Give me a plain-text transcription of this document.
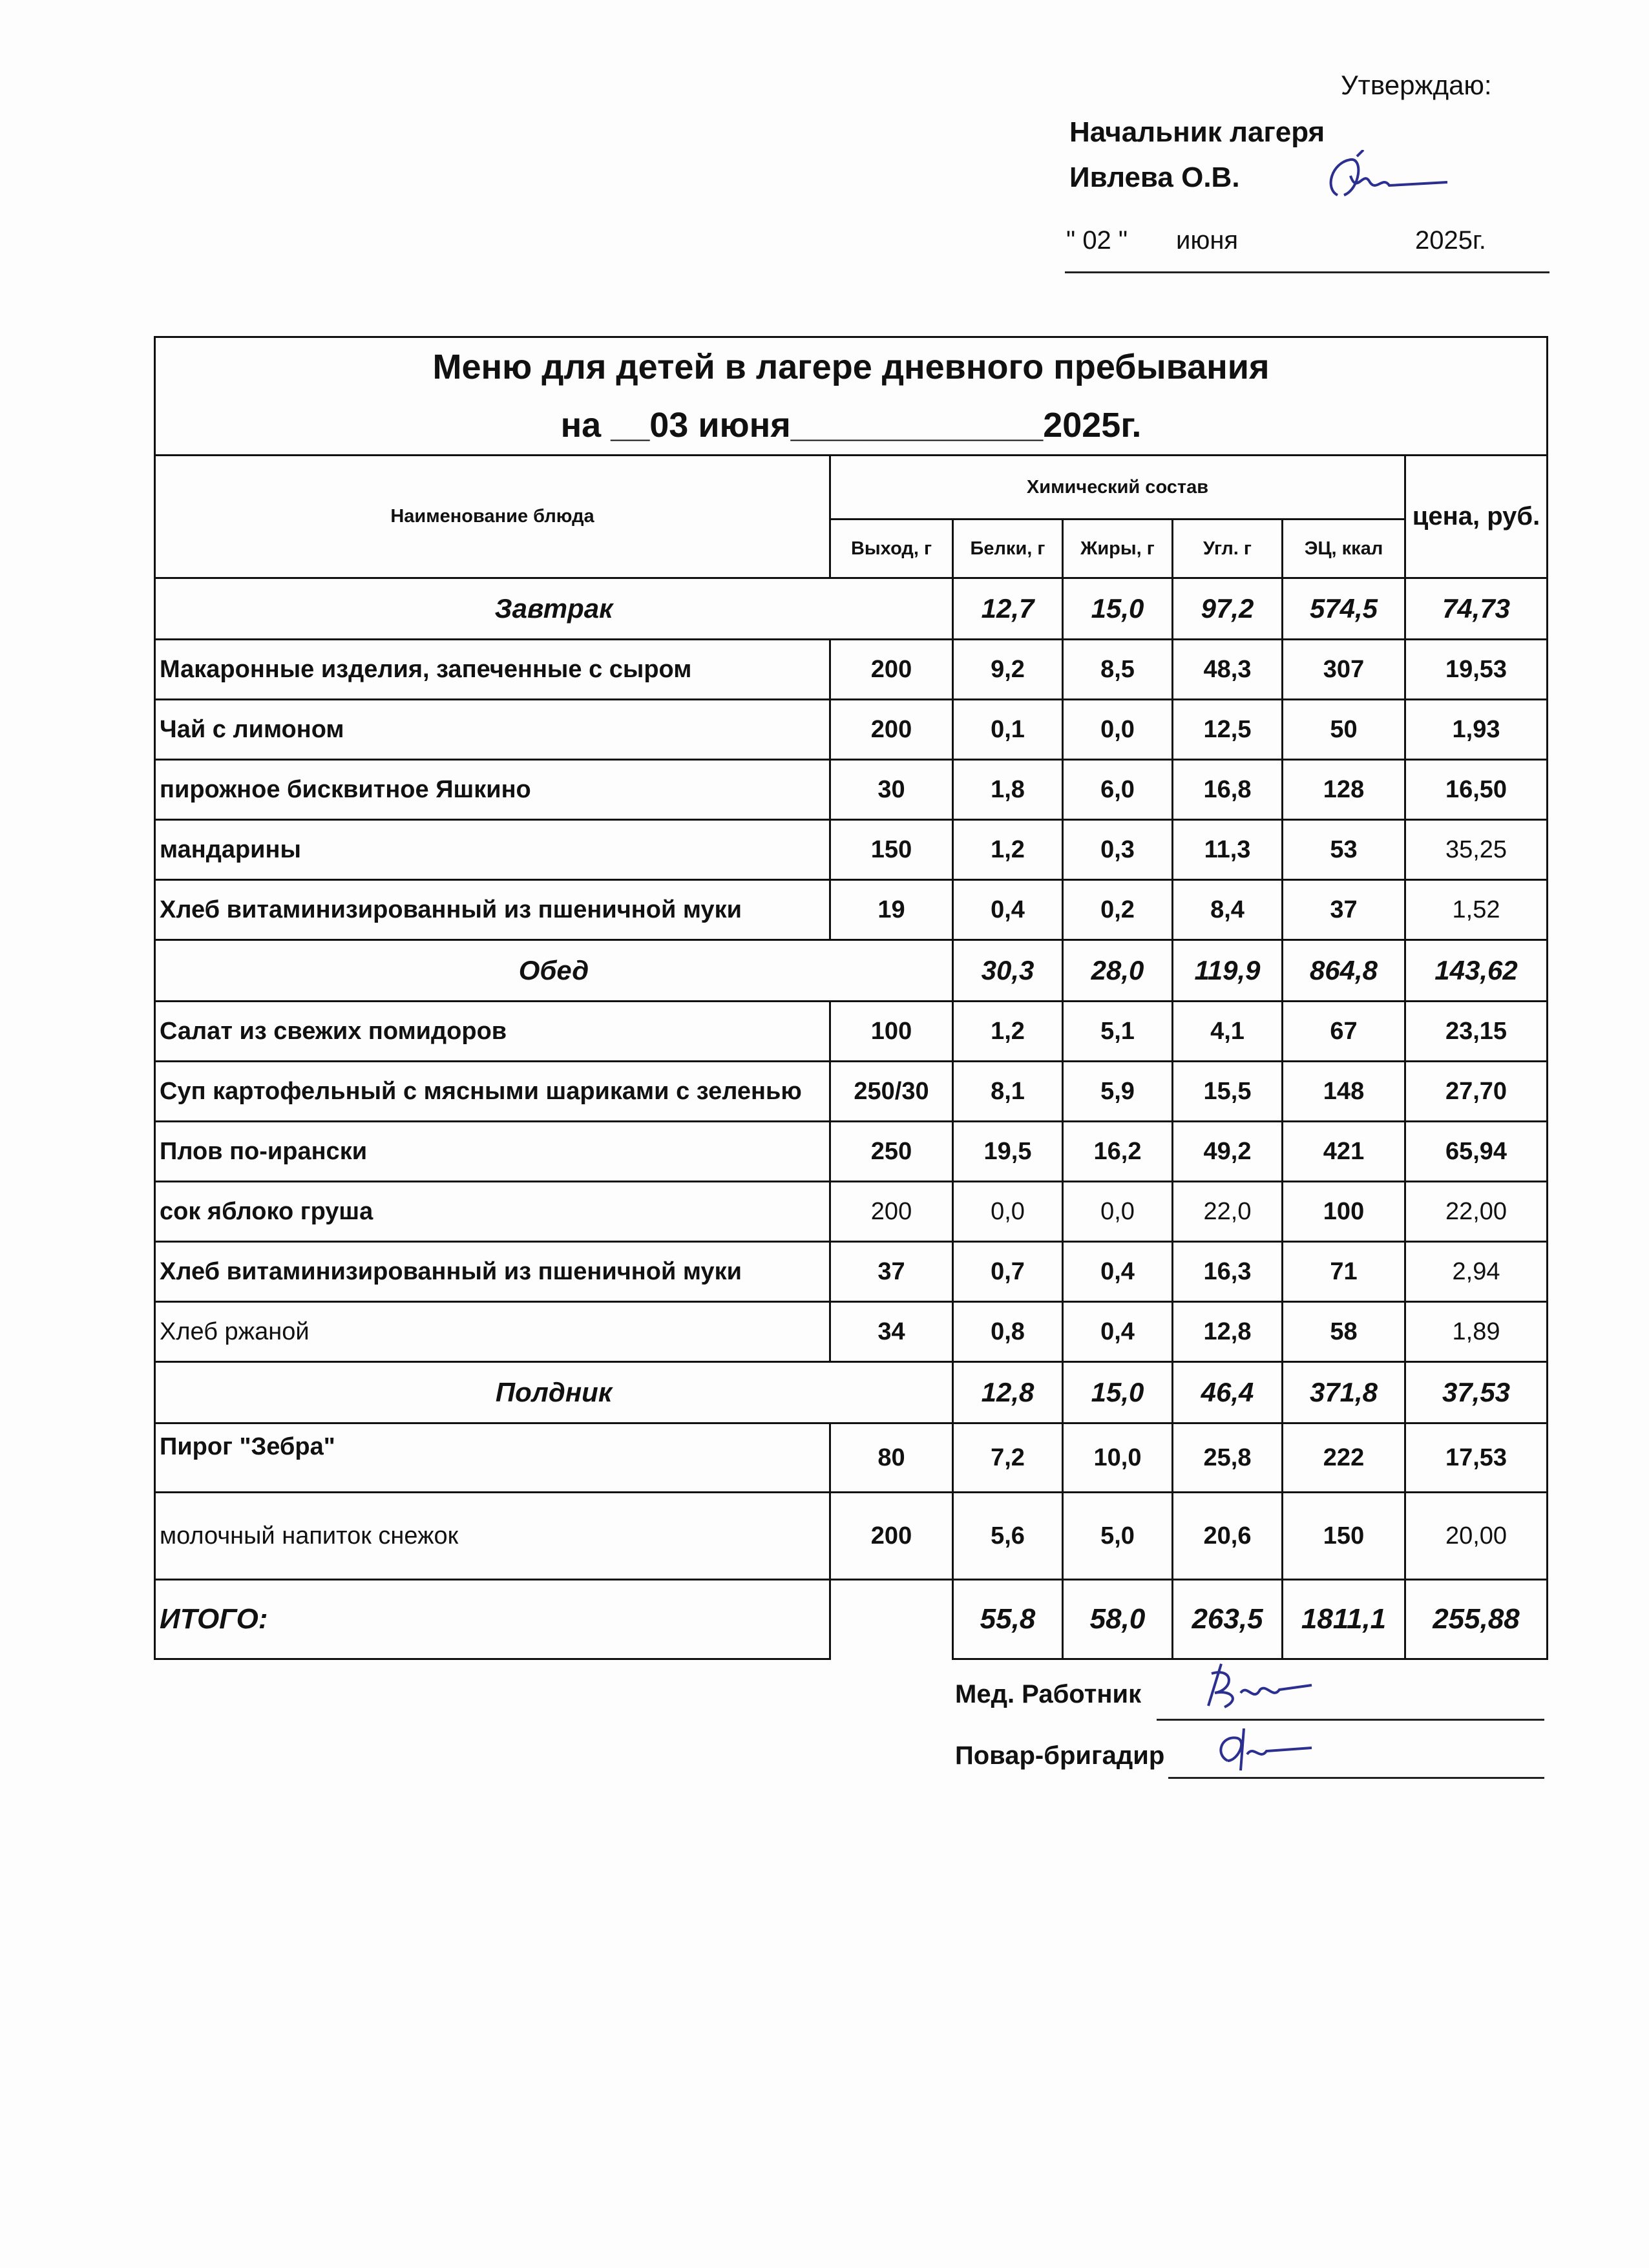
Утверждаю:
Начальник лагеря
Ивлева О.В.
" 02 " июня	2025г.
Меню для детей в лагере дневного пребывания						
на __03 июня_____________2025г.						
Наименование блюда	Химический состав					цена, руб.
	Выход, г	Белки, г	Жиры, г	Угл. г	ЭЦ, ккал	
Завтрак		12,7	15,0	97,2	574,5	74,73
Макаронные изделия, запеченные с сыром	200	9,2	8,5	48,3	307	19,53
Чай с лимоном	200	0,1	0,0	12,5	50	1,93
пирожное бисквитное Яшкино	30	1,8	6,0	16,8	128	16,50
мандарины	150	1,2	0,3	11,3	53	35,25
Хлеб витаминизированный из пшеничной муки	19	0,4	0,2	8,4	37	1,52
Обед		30,3	28,0	119,9	864,8	143,62
Салат из свежих помидоров	100	1,2	5,1	4,1	67	23,15
Суп картофельный с мясными шариками с зеленью	250/30	8,1	5,9	15,5	148	27,70
Плов по-ирански	250	19,5	16,2	49,2	421	65,94
сок яблоко груша	200	0,0	0,0	22,0	100	22,00
Хлеб витаминизированный из пшеничной муки	37	0,7	0,4	16,3	71	2,94
Хлеб ржаной	34	0,8	0,4	12,8	58	1,89
Полдник		12,8	15,0	46,4	371,8	37,53
Пирог "Зебра"	80	7,2	10,0	25,8	222	17,53
молочный напиток снежок	200	5,6	5,0	20,6	150	20,00
ИТОГО:		55,8	58,0	263,5	1811,1	255,88
Мед. Работник
Повар-бригадир
